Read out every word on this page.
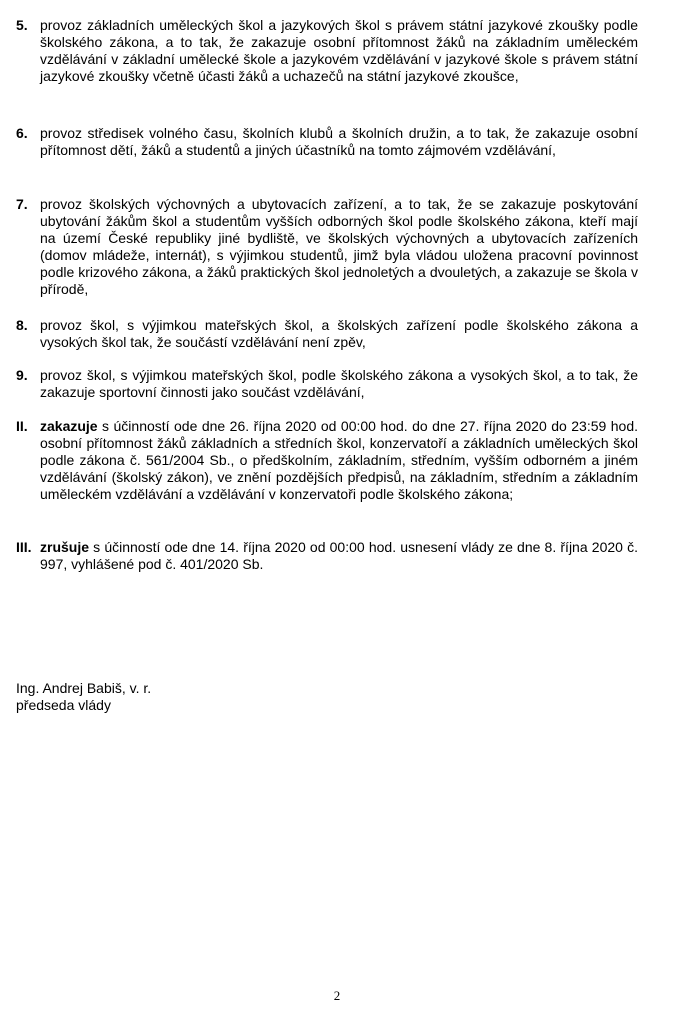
5. provoz základních uměleckých škol a jazykových škol s právem státní jazykové zkoušky podle školského zákona, a to tak, že zakazuje osobní přítomnost žáků na základním uměleckém vzdělávání v základní umělecké škole a jazykovém vzdělávání v jazykové škole s právem státní jazykové zkoušky včetně účasti žáků a uchazečů na státní jazykové zkoušce,
6. provoz středisek volného času, školních klubů a školních družin, a to tak, že zakazuje osobní přítomnost dětí, žáků a studentů a jiných účastníků na tomto zájmovém vzdělávání,
7. provoz školských výchovných a ubytovacích zařízení, a to tak, že se zakazuje poskytování ubytování žákům škol a studentům vyšších odborných škol podle školského zákona, kteří mají na území České republiky jiné bydliště, ve školských výchovných a ubytovacích zařízeních (domov mládeže, internát), s výjimkou studentů, jimž byla vládou uložena pracovní povinnost podle krizového zákona, a žáků praktických škol jednoletých a dvouletých, a zakazuje se škola v přírodě,
8. provoz škol, s výjimkou mateřských škol, a školských zařízení podle školského zákona a vysokých škol tak, že součástí vzdělávání není zpěv,
9. provoz škol, s výjimkou mateřských škol, podle školského zákona a vysokých škol, a to tak, že zakazuje sportovní činnosti jako součást vzdělávání,
II. zakazuje s účinností ode dne 26. října 2020 od 00:00 hod. do dne 27. října 2020 do 23:59 hod. osobní přítomnost žáků základních a středních škol, konzervatoří a základních uměleckých škol podle zákona č. 561/2004 Sb., o předškolním, základním, středním, vyšším odborném a jiném vzdělávání (školský zákon), ve znění pozdějších předpisů, na základním, středním a základním uměleckém vzdělávání a vzdělávání v konzervatoři podle školského zákona;
III. zrušuje s účinností ode dne 14. října 2020 od 00:00 hod. usnesení vlády ze dne 8. října 2020 č. 997, vyhlášené pod č. 401/2020 Sb.
Ing. Andrej Babiš, v. r.
předseda vlády
2
